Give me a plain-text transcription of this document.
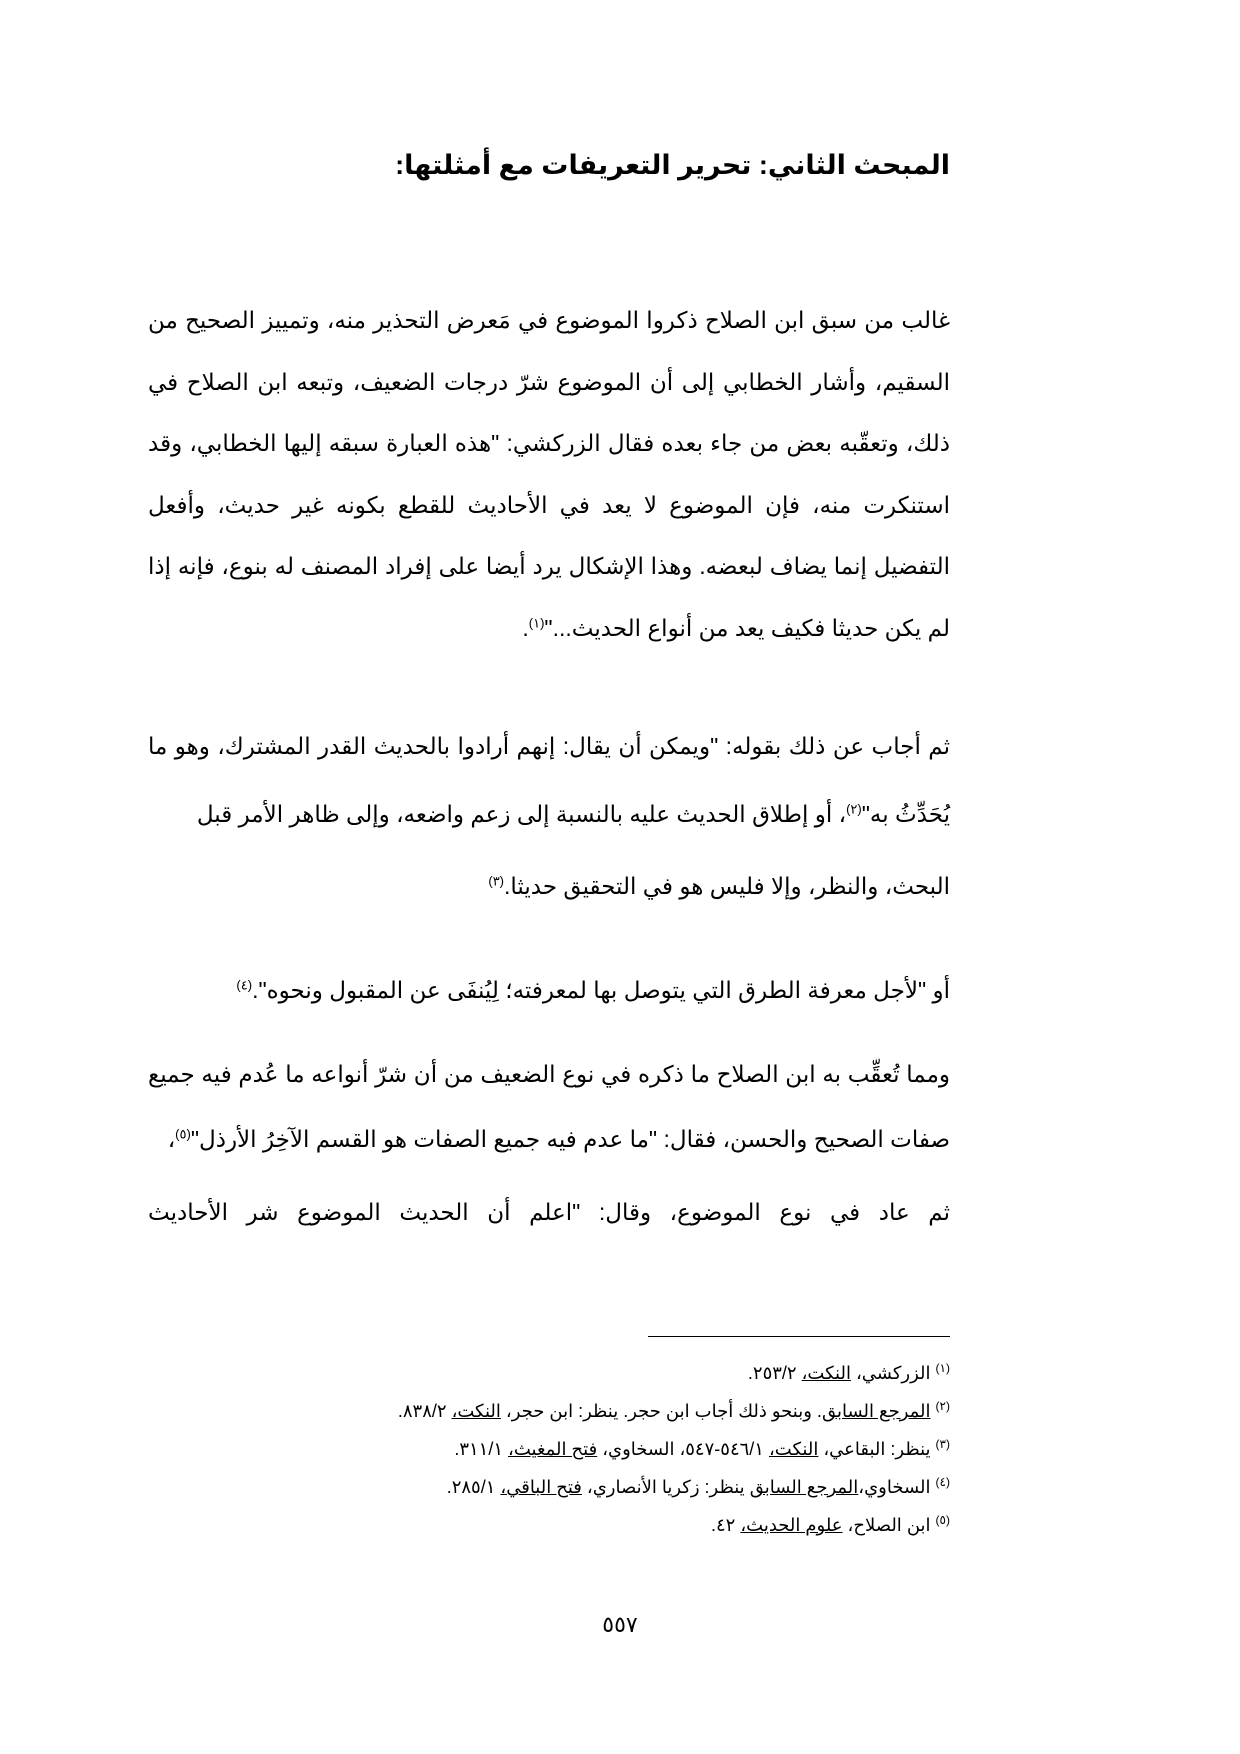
المبحث الثاني: تحرير التعريفات مع أمثلتها:
غالب من سبق ابن الصلاح ذكروا الموضوع في مَعرض التحذير منه، وتمييز الصحيح من السقيم، وأشار الخطابي إلى أن الموضوع شرّ درجات الضعيف، وتبعه ابن الصلاح في ذلك، وتعقّبه بعض من جاء بعده فقال الزركشي: "هذه العبارة سبقه إليها الخطابي، وقد استنكرت منه، فإن الموضوع لا يعد في الأحاديث للقطع بكونه غير حديث، وأفعل التفضيل إنما يضاف لبعضه. وهذا الإشكال يرد أيضا على إفراد المصنف له بنوع، فإنه إذا لم يكن حديثا فكيف يعد من أنواع الحديث..."$^{(١)}$.
ثم أجاب عن ذلك بقوله: "ويمكن أن يقال: إنهم أرادوا بالحديث القدر المشترك، وهو ما يُحَدِّثُ به"$^{(٢)}$، أو إطلاق الحديث عليه بالنسبة إلى زعم واضعه، وإلى ظاهر الأمر قبل
البحث، والنظر، وإلا فليس هو في التحقيق حديثا.$^{(٣)}$
أو "لأجل معرفة الطرق التي يتوصل بها لمعرفته؛ لِيُنفَى عن المقبول ونحوه".$^{(٤)}$
ومما تُعقِّب به ابن الصلاح ما ذكره في نوع الضعيف من أن شرّ أنواعه ما عُدم فيه جميع صفات الصحيح والحسن، فقال: "ما عدم فيه جميع الصفات هو القسم الآخِرُ الأرذل"$^{(٥)}$،
ثم عاد في نوع الموضوع، وقال: "اعلم أن الحديث الموضوع شر الأحاديث
$^{(١)}$ الزركشي، النكت، ٢٥٣/٢.
$^{(٢)}$ المرجع السابق. وبنحو ذلك أجاب ابن حجر. ينظر: ابن حجر، النكت، ٨٣٨/٢.
$^{(٣)}$ ينظر: البقاعي، النكت، ٥٤٦/١-٥٤٧، السخاوي، فتح المغيث، ٣١١/١.
$^{(٤)}$ السخاوي،المرجع السابق ينظر: زكريا الأنصاري، فتح الباقي، ٢٨٥/١.
$^{(٥)}$ ابن الصلاح، علوم الحديث، ٤٢.
٥٥٧
